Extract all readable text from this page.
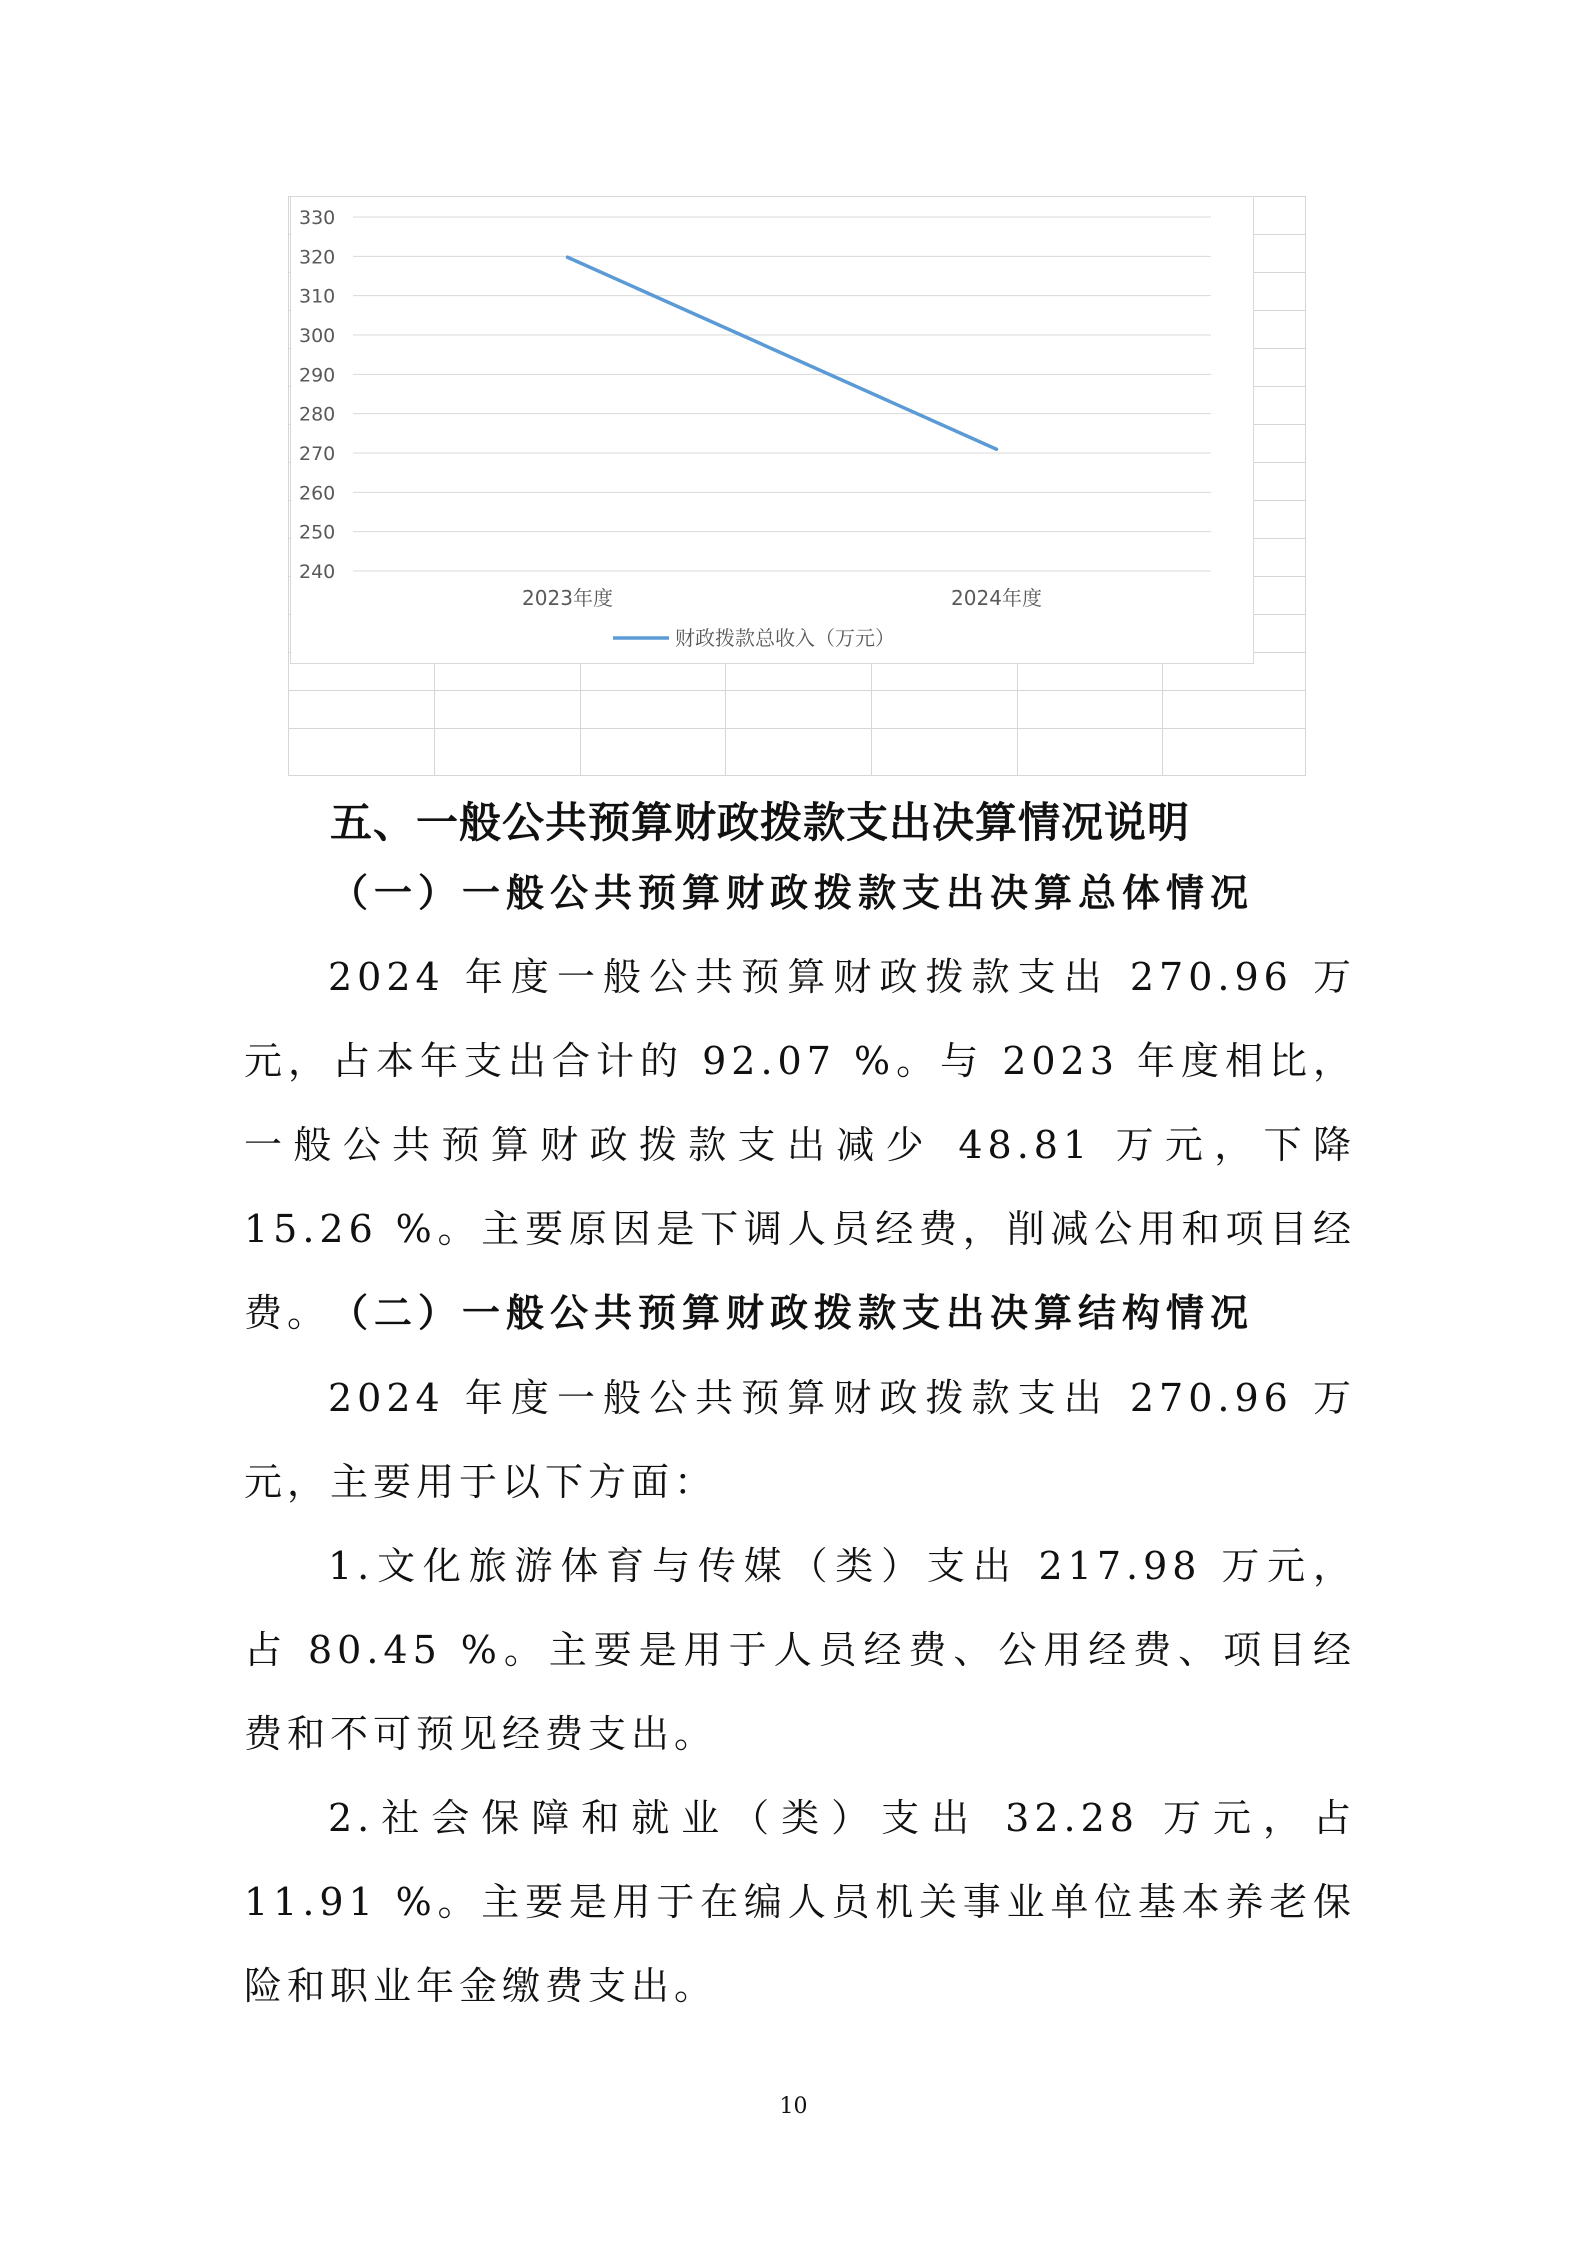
330
320
310
300
290
280
270
260
250
240
2023年度	2024年度
财政拨款总收入（万元）
五、一般公共预算财政拨款支出决算情况说明
（一）一般公共预算财政拨款支出决算总体情况

2024 年度一般公共预算财政拨款支出 270.96 万元，占本年支出合计的 92.07 %。与 2023 年度相比，一般公共预算财政拨款支出减少 48.81 万元，下降 15.26 %。主要原因是下调人员经费，削减公用和项目经费。 （二）一般公共预算财政拨款支出决算结构情况

2024 年度一般公共预算财政拨款支出 270.96 万元，主要用于以下方面：

1.文化旅游体育与传媒（类）支出 217.98 万元， 占 80.45 %。主要是用于人员经费、公用经费、项目经费和不可预见经费支出。

2.社会保障和就业（类）支出 32.28 万元，占 11.91 %。主要是用于在编人员机关事业单位基本养老保险和职业年金缴费支出。

10
